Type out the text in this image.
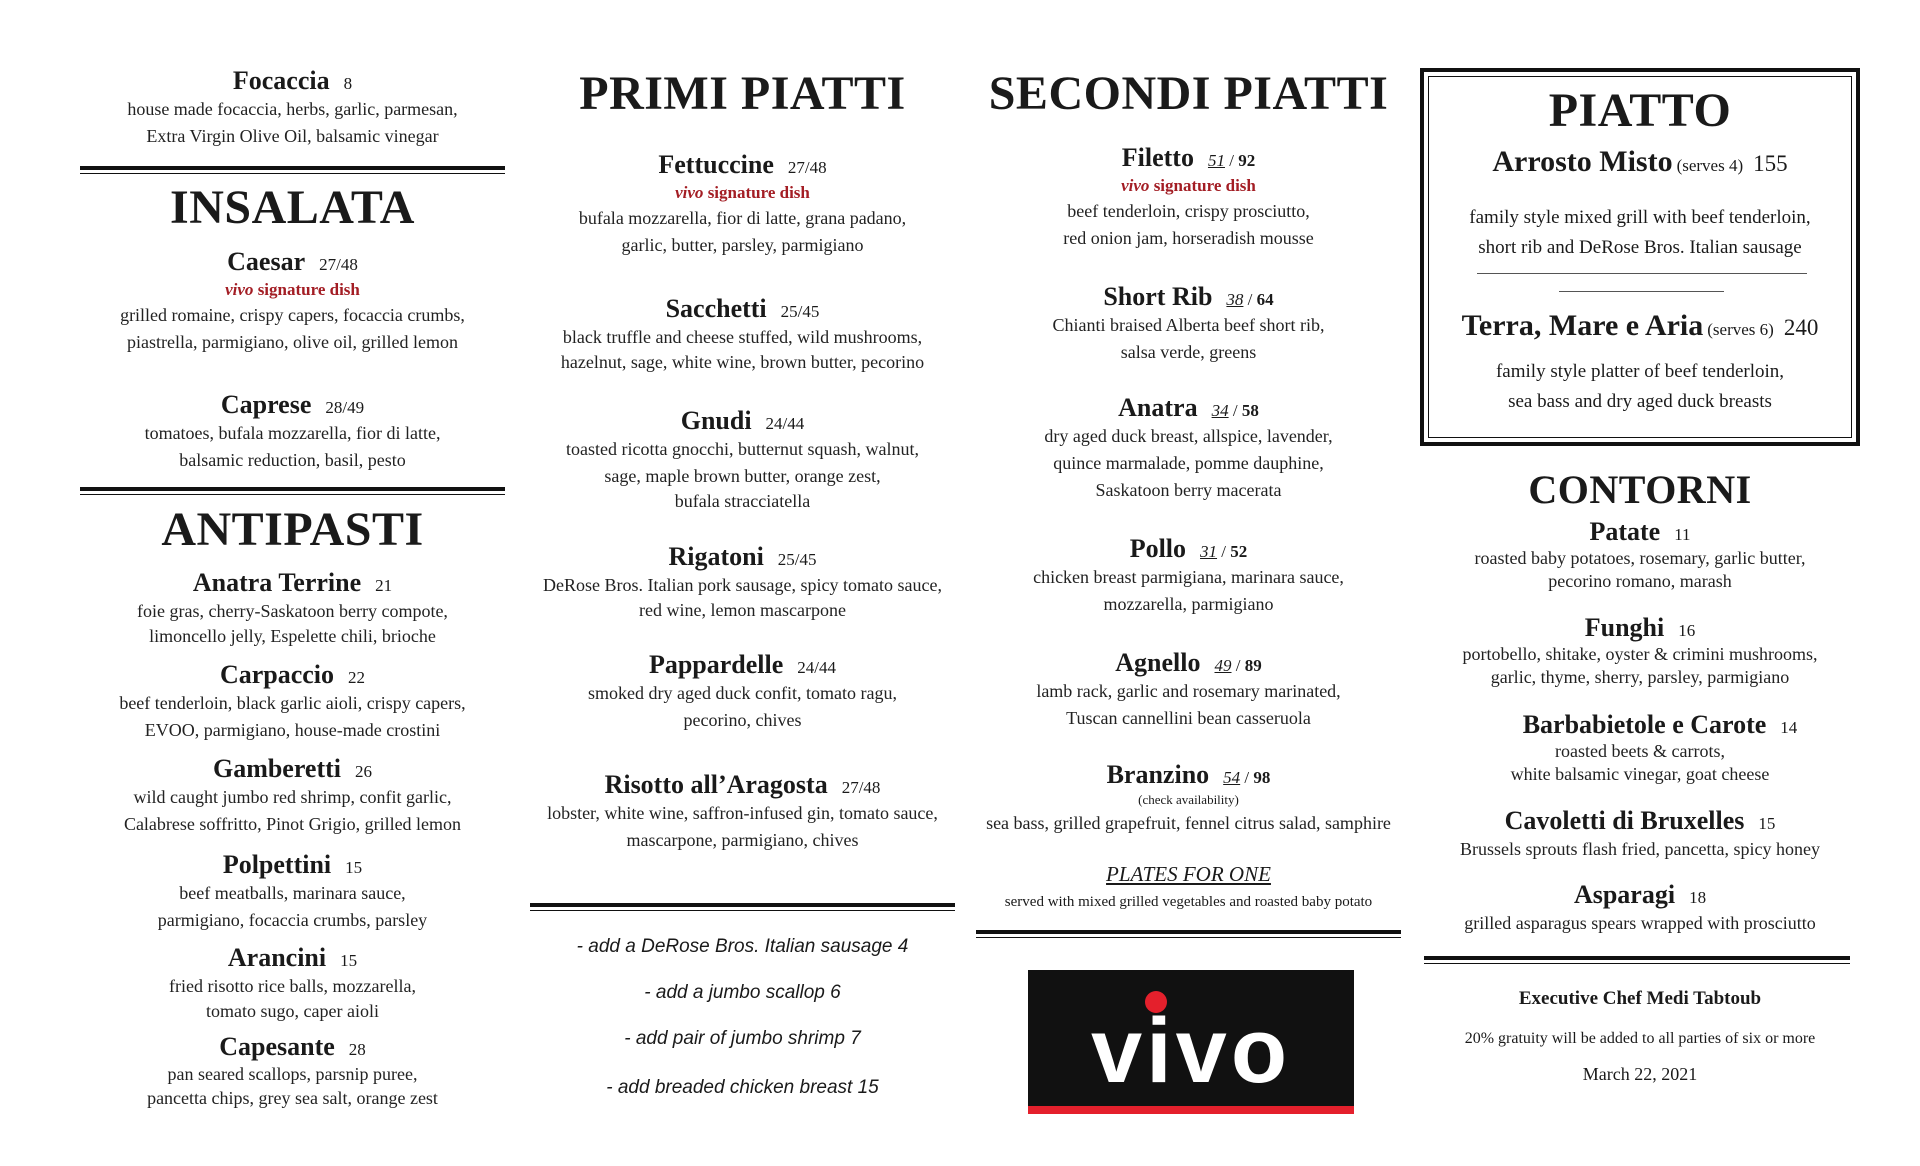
Focaccia 8
house made focaccia, herbs, garlic, parmesan,
Extra Virgin Olive Oil, balsamic vinegar
INSALATA
Caesar 27/48
vivo signature dish
grilled romaine, crispy capers, focaccia crumbs,
piastrella, parmigiano, olive oil, grilled lemon
Caprese 28/49
tomatoes, bufala mozzarella, fior di latte,
balsamic reduction, basil, pesto
ANTIPASTI
Anatra Terrine 21
foie gras, cherry-Saskatoon berry compote,
limoncello jelly, Espelette chili, brioche
Carpaccio 22
beef tenderloin, black garlic aioli, crispy capers,
EVOO, parmigiano, house-made crostini
Gamberetti 26
wild caught jumbo red shrimp, confit garlic,
Calabrese soffritto, Pinot Grigio, grilled lemon
Polpettini 15
beef meatballs, marinara sauce,
parmigiano, focaccia crumbs, parsley
Arancini 15
fried risotto rice balls, mozzarella,
tomato sugo, caper aioli
Capesante 28
pan seared scallops, parsnip puree,
pancetta chips, grey sea salt, orange zest
PRIMI PIATTI
Fettuccine 27/48
vivo signature dish
bufala mozzarella, fior di latte, grana padano,
garlic, butter, parsley, parmigiano
Sacchetti 25/45
black truffle and cheese stuffed, wild mushrooms,
hazelnut, sage, white wine, brown butter, pecorino
Gnudi 24/44
toasted ricotta gnocchi, butternut squash, walnut,
sage, maple brown butter, orange zest,
bufala stracciatella
Rigatoni 25/45
DeRose Bros. Italian pork sausage, spicy tomato sauce,
red wine, lemon mascarpone
Pappardelle 24/44
smoked dry aged duck confit, tomato ragu,
pecorino, chives
Risotto all’Aragosta 27/48
lobster, white wine, saffron-infused gin, tomato sauce,
mascarpone, parmigiano, chives
- add a DeRose Bros. Italian sausage 4
- add a jumbo scallop 6
- add pair of jumbo shrimp 7
- add breaded chicken breast 15
SECONDI PIATTI
Filetto 51 / 92
vivo signature dish
beef tenderloin, crispy prosciutto,
red onion jam, horseradish mousse
Short Rib 38 / 64
Chianti braised Alberta beef short rib,
salsa verde, greens
Anatra 34 / 58
dry aged duck breast, allspice, lavender,
quince marmalade, pomme dauphine,
Saskatoon berry macerata
Pollo 31 / 52
chicken breast parmigiana, marinara sauce,
mozzarella, parmigiano
Agnello 49 / 89
lamb rack, garlic and rosemary marinated,
Tuscan cannellini bean casseruola
Branzino 54 / 98
(check availability)
sea bass, grilled grapefruit, fennel citrus salad, samphire
PLATES FOR ONE
served with mixed grilled vegetables and roasted baby potato
vivo
PIATTO
Arrosto Misto (serves 4) 155
family style mixed grill with beef tenderloin,
short rib and DeRose Bros. Italian sausage
Terra, Mare e Aria (serves 6) 240
family style platter of beef tenderloin,
sea bass and dry aged duck breasts
CONTORNI
Patate 11
roasted baby potatoes, rosemary, garlic butter,
pecorino romano, marash
Funghi 16
portobello, shitake, oyster & crimini mushrooms,
garlic, thyme, sherry, parsley, parmigiano
Barbabietole e Carote 14
roasted beets & carrots,
white balsamic vinegar, goat cheese
Cavoletti di Bruxelles 15
Brussels sprouts flash fried, pancetta, spicy honey
Asparagi 18
grilled asparagus spears wrapped with prosciutto
Executive Chef Medi Tabtoub
20% gratuity will be added to all parties of six or more
March 22, 2021
